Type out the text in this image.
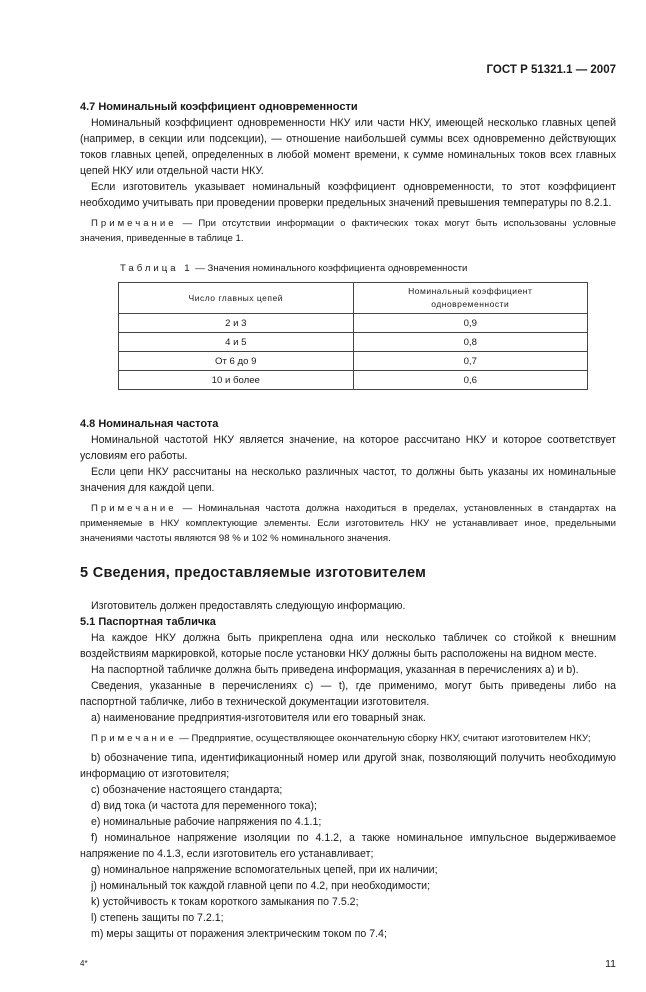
ГОСТ Р 51321.1 — 2007
4.7 Номинальный коэффициент одновременности

Номинальный коэффициент одновременности НКУ или части НКУ, имеющей несколько главных цепей (например, в секции или подсекции), — отношение наибольшей суммы всех одновременно действующих токов главных цепей, определенных в любой момент времени, к сумме номинальных токов всех главных цепей НКУ или отдельной части НКУ.

Если изготовитель указывает номинальный коэффициент одновременности, то этот коэффициент необходимо учитывать при проведении проверки предельных значений превышения температуры по 8.2.1.

Примечание — При отсутствии информации о фактических токах могут быть использованы условные значения, приведенные в таблице 1.

Таблица 1 — Значения номинального коэффициента одновременности
Число главных цепей	Номинальный коэффициент одновременности

2 и 3	0,9
4 и 5	0,8
От 6 до 9	0,7
10 и более	0,6
4.8 Номинальная частота

Номинальной частотой НКУ является значение, на которое рассчитано НКУ и которое соответствует условиям его работы.

Если цепи НКУ рассчитаны на несколько различных частот, то должны быть указаны их номинальные значения для каждой цепи.

Примечание — Номинальная частота должна находиться в пределах, установленных в стандартах на применяемые в НКУ комплектующие элементы. Если изготовитель НКУ не устанавливает иное, предельными значениями частоты являются 98 % и 102 % номинального значения.

5 Сведения, предоставляемые изготовителем

Изготовитель должен предоставлять следующую информацию.

5.1 Паспортная табличка

На каждое НКУ должна быть прикреплена одна или несколько табличек со стойкой к внешним воздействиям маркировкой, которые после установки НКУ должны быть расположены на видном месте.

На паспортной табличке должна быть приведена информация, указанная в перечислениях a) и b).

Сведения, указанные в перечислениях c) — t), где применимо, могут быть приведены либо на паспортной табличке, либо в технической документации изготовителя.

a) наименование предприятия-изготовителя или его товарный знак.

Примечание — Предприятие, осуществляющее окончательную сборку НКУ, считают изготовителем НКУ;

b) обозначение типа, идентификационный номер или другой знак, позволяющий получить необходимую информацию от изготовителя;

c) обозначение настоящего стандарта;

d) вид тока (и частота для переменного тока);

e) номинальные рабочие напряжения по 4.1.1;

f) номинальное напряжение изоляции по 4.1.2, а также номинальное импульсное выдерживаемое напряжение по 4.1.3, если изготовитель его устанавливает;

g) номинальное напряжение вспомогательных цепей, при их наличии;

j) номинальный ток каждой главной цепи по 4.2, при необходимости;

k) устойчивость к токам короткого замыкания по 7.5.2;

l) степень защиты по 7.2.1;

m) меры защиты от поражения электрическим током по 7.4;

4*	11
